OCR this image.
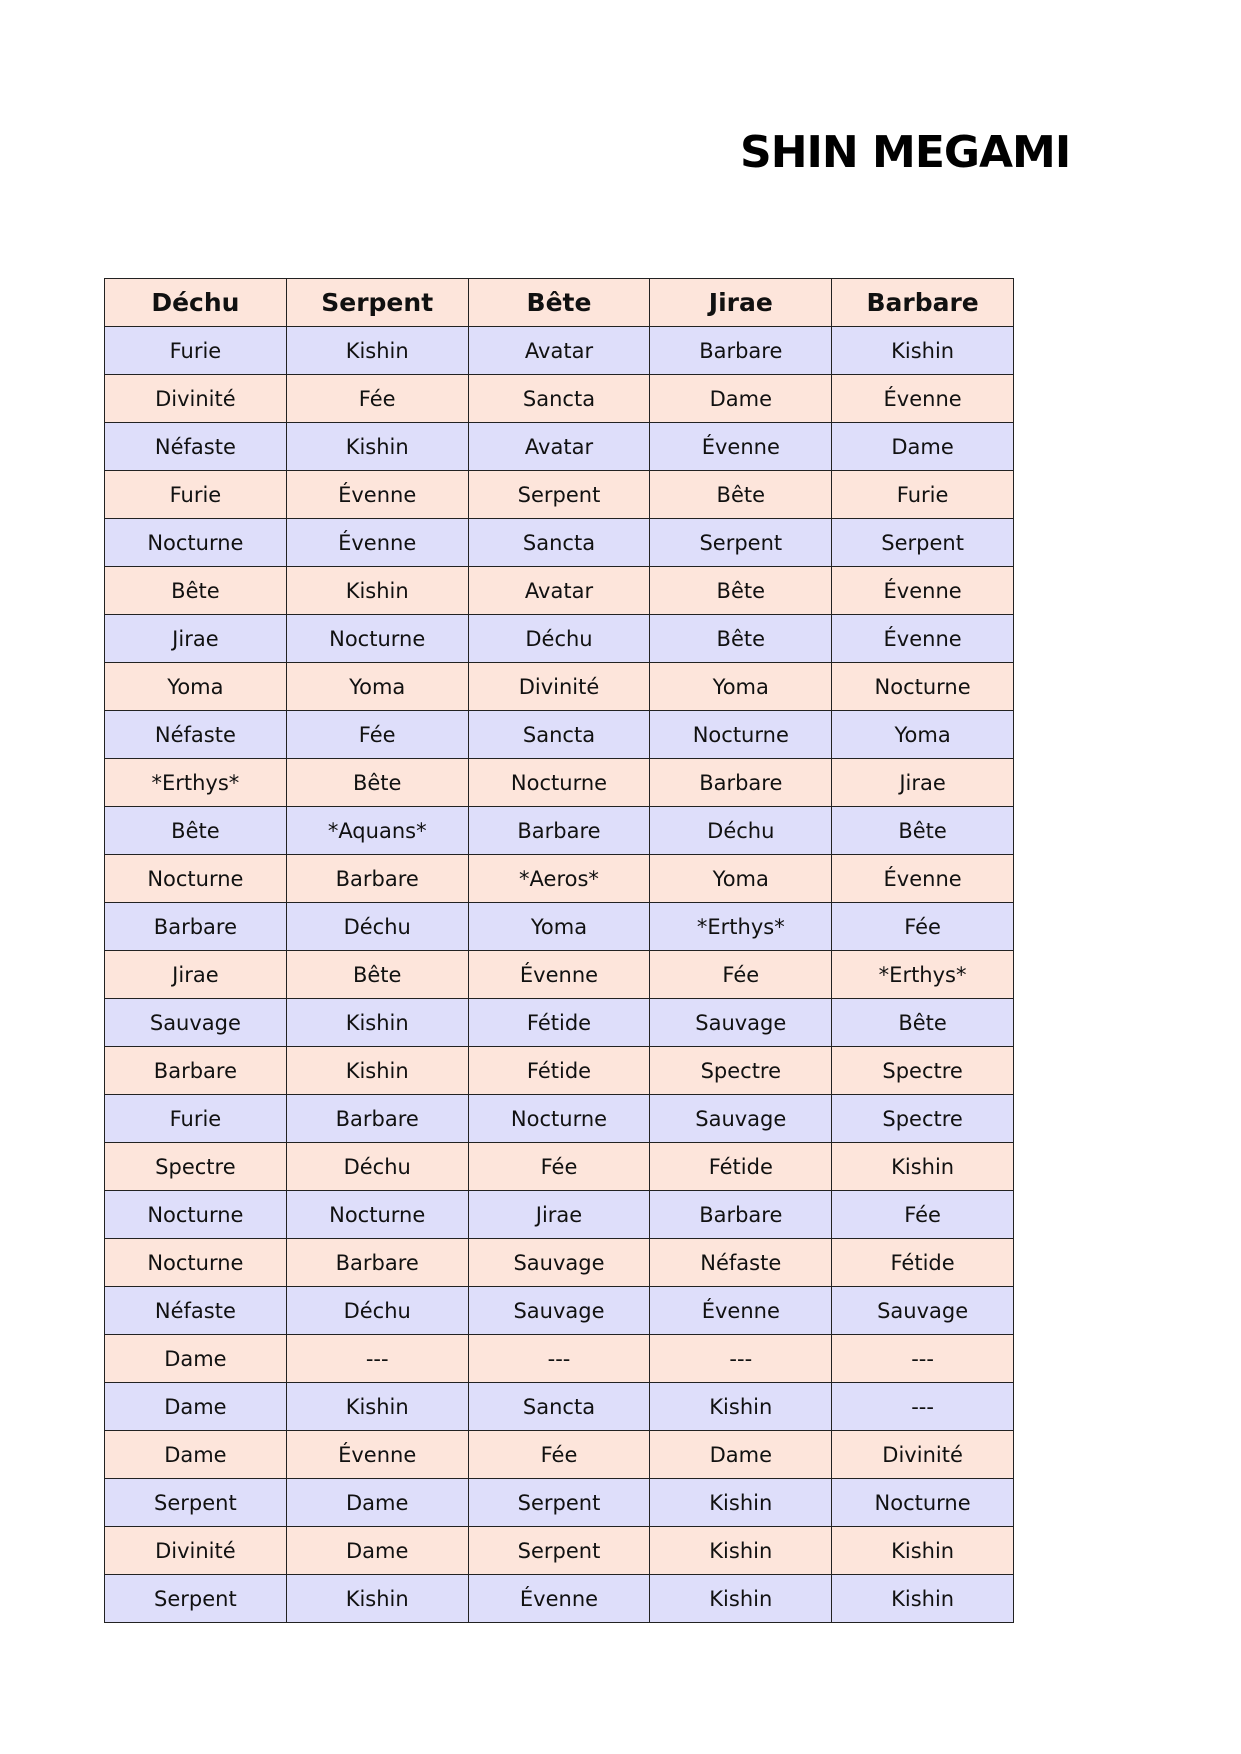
SHIN MEGAMI
Déchu	Serpent	Bête	Jirae	Barbare
Furie	Kishin	Avatar	Barbare	Kishin
Divinité	Fée	Sancta	Dame	Évenne
Néfaste	Kishin	Avatar	Évenne	Dame
Furie	Évenne	Serpent	Bête	Furie
Nocturne	Évenne	Sancta	Serpent	Serpent
Bête	Kishin	Avatar	Bête	Évenne
Jirae	Nocturne	Déchu	Bête	Évenne
Yoma	Yoma	Divinité	Yoma	Nocturne
Néfaste	Fée	Sancta	Nocturne	Yoma
*Erthys*	Bête	Nocturne	Barbare	Jirae
Bête	*Aquans*	Barbare	Déchu	Bête
Nocturne	Barbare	*Aeros*	Yoma	Évenne
Barbare	Déchu	Yoma	*Erthys*	Fée
Jirae	Bête	Évenne	Fée	*Erthys*
Sauvage	Kishin	Fétide	Sauvage	Bête
Barbare	Kishin	Fétide	Spectre	Spectre
Furie	Barbare	Nocturne	Sauvage	Spectre
Spectre	Déchu	Fée	Fétide	Kishin
Nocturne	Nocturne	Jirae	Barbare	Fée
Nocturne	Barbare	Sauvage	Néfaste	Fétide
Néfaste	Déchu	Sauvage	Évenne	Sauvage
Dame	---	---	---	---
Dame	Kishin	Sancta	Kishin	---
Dame	Évenne	Fée	Dame	Divinité
Serpent	Dame	Serpent	Kishin	Nocturne
Divinité	Dame	Serpent	Kishin	Kishin
Serpent	Kishin	Évenne	Kishin	Kishin
